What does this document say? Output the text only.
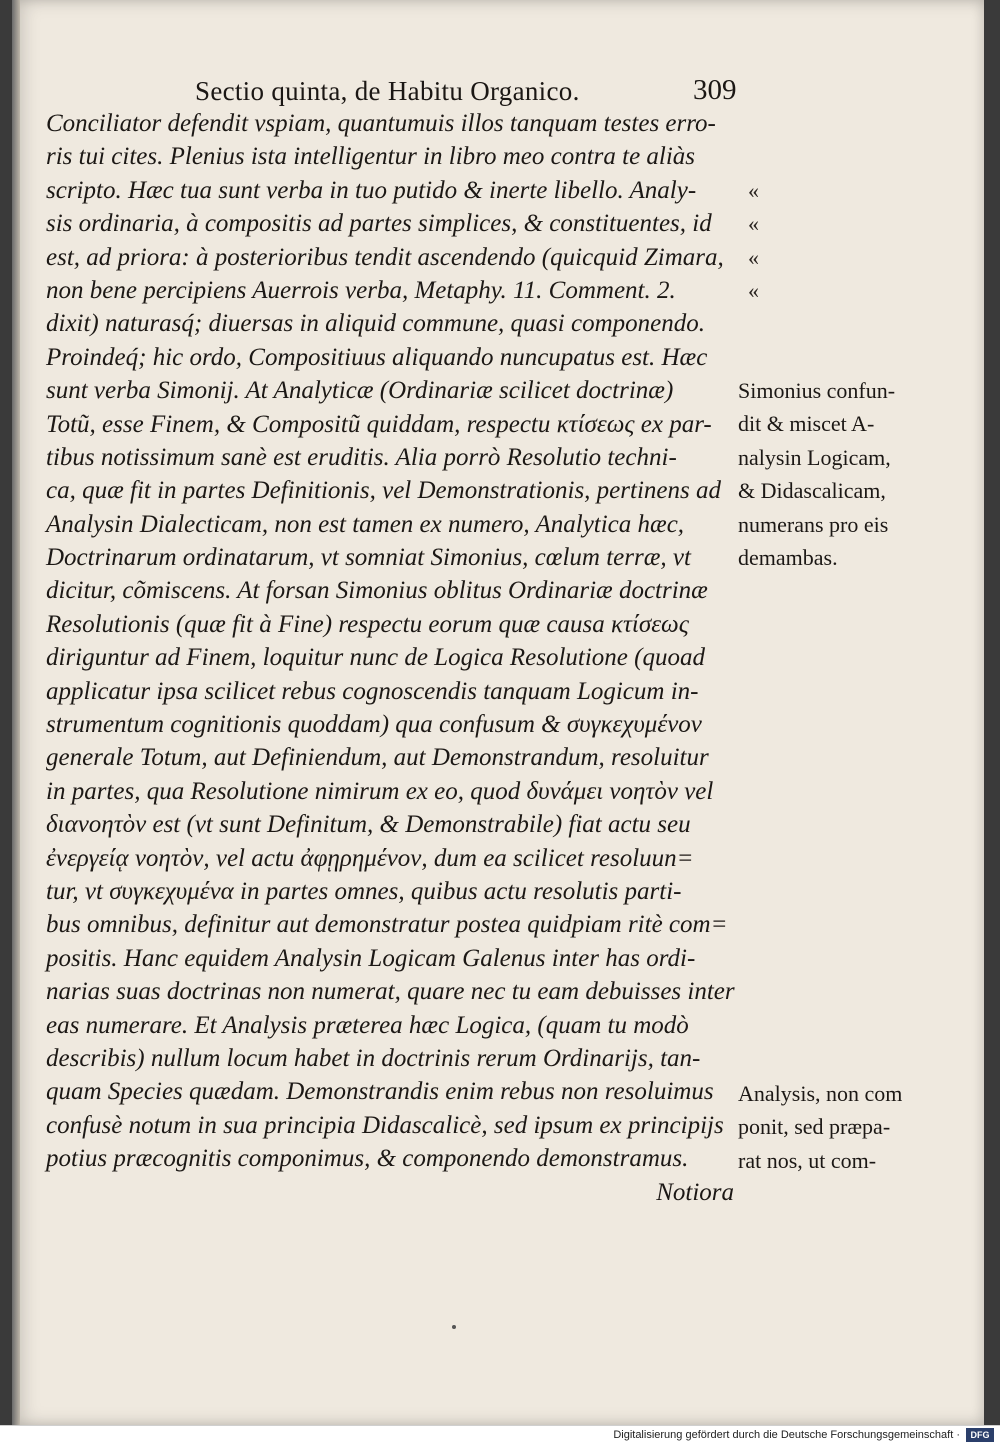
Sectio quinta, de Habitu Organico.	309
Conciliator defendit vspiam, quantumuis illos tanquam testes erro-
ris tui cites. Plenius ista intelligentur in libro meo contra te aliàs
scripto. Hæc tua sunt verba in tuo putido & inerte libello. Analy-
sis ordinaria, à compositis ad partes simplices, & constituentes, id
est, ad priora: à posterioribus tendit ascendendo (quicquid Zimara,
non bene percipiens Auerrois verba, Metaphy. 11. Comment. 2.
dixit) naturasq́; diuersas in aliquid commune, quasi componendo.
Proindeq́; hic ordo, Compositiuus aliquando nuncupatus est. Hæc
sunt verba Simonij. At Analyticæ (Ordinariæ scilicet doctrinæ)
Totũ, esse Finem, & Compositũ quiddam, respectu κτίσεως ex par-
tibus notissimum sanè est eruditis. Alia porrò Resolutio techni-
ca, quæ fit in partes Definitionis, vel Demonstrationis, pertinens ad
Analysin Dialecticam, non est tamen ex numero, Analytica hæc,
Doctrinarum ordinatarum, vt somniat Simonius, cœlum terræ, vt
dicitur, cõmiscens. At forsan Simonius oblitus Ordinariæ doctrinæ
Resolutionis (quæ fit à Fine) respectu eorum quæ causa κτίσεως
diriguntur ad Finem, loquitur nunc de Logica Resolutione (quoad
applicatur ipsa scilicet rebus cognoscendis tanquam Logicum in-
strumentum cognitionis quoddam) qua confusum & συγκεχυμένον
generale Totum, aut Definiendum, aut Demonstrandum, resoluitur
in partes, qua Resolutione nimirum ex eo, quod δυνάμει νοητὸν vel
διανοητὸν est (vt sunt Definitum, & Demonstrabile) fiat actu seu
ἐνεργείᾳ νοητὸν, vel actu ἀφῃρημένον, dum ea scilicet resoluun=
tur, vt συγκεχυμένα in partes omnes, quibus actu resolutis parti-
bus omnibus, definitur aut demonstratur postea quidpiam ritè com=
positis. Hanc equidem Analysin Logicam Galenus inter has ordi-
narias suas doctrinas non numerat, quare nec tu eam debuisses inter
eas numerare. Et Analysis præterea hæc Logica, (quam tu modò
describis) nullum locum habet in doctrinis rerum Ordinarijs, tan-
quam Species quædam. Demonstrandis enim rebus non resoluimus
confusè notum in sua principia Didascalicè, sed ipsum ex principijs
potius præcognitis componimus, & componendo demonstramus.
Notiora
«
«
«
«
Simonius confun-
dit & miscet A-
nalysin Logicam,
& Didascalicam,
numerans pro eis
demambas.
Analysis, non com
ponit, sed præpa-
rat nos, ut com-
Digitalisierung gefördert durch die Deutsche Forschungsgemeinschaft ·	DFG
